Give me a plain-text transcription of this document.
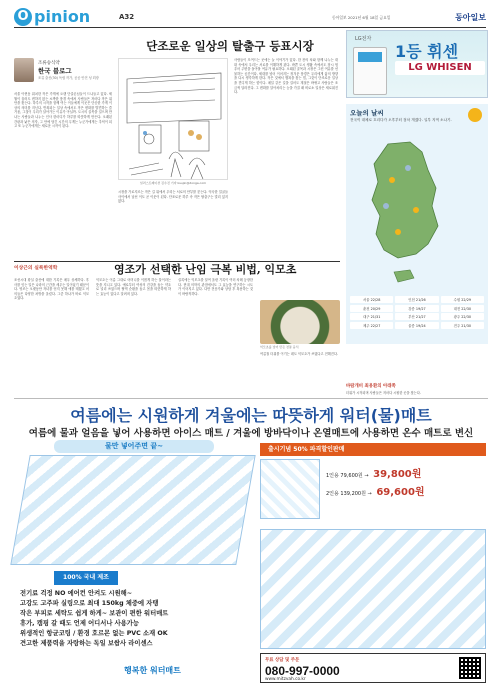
O pinion	A32	동아일보 2021년 6월 18일 금요일	동아일보
단조로운 일상의 탈출구 등표시장
조류승식약
한국 블로그
조류 출신(30) 독립 작가, 공공 안전 성 회장
서울 아현동 위치한 작은 가게에 오랜 단골손님들이 드나들고 있다. 세월이 흘러도 변하지 않는 소박한 풍경 속에서 사람들은 저마다 작은 위안을 찾는다. 하루의 시작을 함께 여는 이들에게 이곳은 단순한 가게 이상의 의미를 지닌다. 반복되는 일상 속에서도 작은 변화를 발견하는 즐거움, 그것이 우리가 살아가는 이유가 아닐까. 도시의 골목을 걸으며 만나는 사람들과 나누는 인사 한마디가 하루를 따뜻하게 만든다. 오래된 간판과 낡은 의자, 그 안에 담긴 시간의 무게는 누군가에게는 추억이 되고 또 누군가에게는 새로운 시작이 된다.
일러스트레이션 김수진 기자 ksujin@donga.com
시장을 가로지르는 작은 길 위에서 우리는 서로의 안부를 묻는다. 익숙한 얼굴들 사이에서 낯선 이도 곧 이웃이 된다. 단조로운 하루 속 작은 탈출구는 멀리 있지 않다.
사람들이 모여드는 곳에는 늘 이야기가 있다. 한 잔의 차와 함께 나누는 대화 속에서 우리는 서로를 이해하게 된다. 바쁜 도시 생활 속에서도 잠시 멈추어 주변을 돌아볼 여유가 필요하다. 오래된 골목과 시장은 그런 여유를 선물하는 공간이다. 세대를 넘어 이어지는 정겨운 풍경은 우리에게 삶의 방향을 다시 생각하게 한다. 작은 것에서 행복을 찾는 법, 그것이 단조로운 일상을 견디게 하는 힘이다. 매일 같은 길을 걸어도 계절은 바뀌고 사람들은 조금씩 달라진다. 그 변화를 알아차리는 눈을 가질 때 비로소 일상은 새로워진다.
LG전자
1등 휘센
LG WHISEN
오늘의 날씨
전국이 대체로 흐리다가 오후부터 점차 개겠다. 일부 지역 소나기.
서울 22/28	인천 21/26	수원 22/29
춘천 20/29	강릉 19/27	대전 22/30
대구 21/31	부산 21/27	광주 22/30
제주 22/27	울릉 19/24	전주 21/30
이상근의 실록한역학	영조가 선택한 난임 극복 비법, 익모초
조선시대 왕실 출산에 대한 기록은 매우 상세하다. 후사를 잇는 일은 나라의 근간을 세우는 일이었기 때문이다. 영조는 오랫동안 자녀를 얻지 못해 애를 태웠고 어의들은 다양한 처방을 올렸다. 그중 하나가 바로 익모초였다.
익모초는 이름 그대로 어머니를 이롭게 하는 풀이라는 뜻을 지니고 있다. 예로부터 여성의 건강을 돕는 약초로 널리 쓰였으며 혈액 순환을 돕고 몸을 따뜻하게 하는 효능이 있다고 알려져 있다.
실록에는 익모초를 달여 올린 기록이 여러 차례 등장한다. 현대 의학의 관점에서도 그 효능을 연구하는 시도가 이어지고 있다. 다만 전문가와 상담 후 복용하는 것이 바람직하다.
익모초를 넣어 만든 전통 음식
여름철 더위를 이기는 데도 익모초가 쓰였다고 전해진다.
바람개비 최용환의 아래쪽
더위가 시작되며 사람들은 저마다 시원한 곳을 찾는다.
여름에는 시원하게 겨울에는 따뜻하게 워터(물)매트
여름에 물과 얼음을 넣어 사용하면 아이스 매트 / 겨울에 방바닥이나 온열매트에 사용하면 온수 매트로 변신
물만 넣어주면 끝~
100% 국내 제조
전기료 걱정 NO 에어컨 안켜도 시원해~
고강도 고주파 실링으로 최대 150kg 체중에 자탱
작은 부피로 세탁도 쉽게 하게~ 보관이 편한 워터매트
휴가, 캠핑 갈 때도 언제 어디서나 사용가능
위생적인 항균코팅 / 환경 호르몬 없는 PVC 소재 OK
견고한 제품력을 자랑하는 독일 보쌈사 라이센스
행복한 워터매트
출시기념 50% 파격할인판매
1인용 79,600원 → 39,800원
2인용 139,200원 → 69,600원
무료 상담 및 주문
080-997-0000
www.mitzvah.co.kr
